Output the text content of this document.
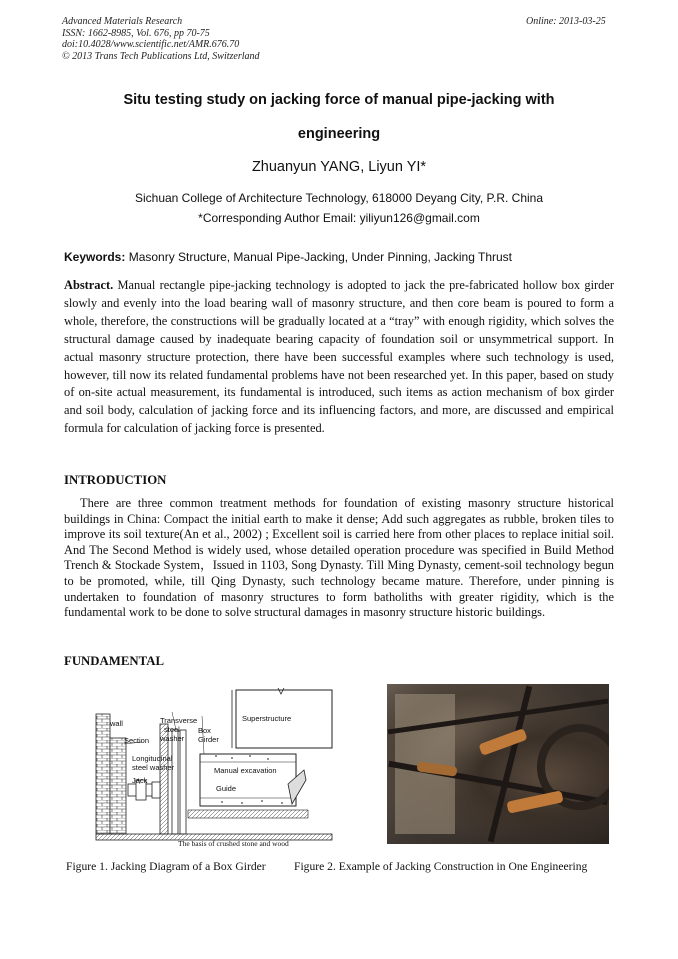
Advanced Materials Research
ISSN: 1662-8985, Vol. 676, pp 70-75
doi:10.4028/www.scientific.net/AMR.676.70
© 2013 Trans Tech Publications Ltd, Switzerland
Online: 2013-03-25
Situ testing study on jacking force of manual pipe-jacking with
engineering
Zhuanyun YANG, Liyun YI*
Sichuan College of Architecture Technology, 618000 Deyang City, P.R. China
*Corresponding Author Email: yiliyun126@gmail.com
Keywords: Masonry Structure, Manual Pipe-Jacking, Under Pinning, Jacking Thrust
Abstract. Manual rectangle pipe-jacking technology is adopted to jack the pre-fabricated hollow box girder slowly and evenly into the load bearing wall of masonry structure, and then core beam is poured to form a whole, therefore, the constructions will be gradually located at a “tray” with enough rigidity, which solves the structural damage caused by inadequate bearing capacity of foundation soil or unsymmetrical support. In actual masonry structure protection, there have been successful examples where such technology is used, however, till now its related fundamental problems have not been researched yet. In this paper, based on study of on-site actual measurement, its fundamental is introduced, such items as action mechanism of box girder and soil body, calculation of jacking force and its influencing factors, and more, are discussed and empirical formula for calculation of jacking force is presented.
INTRODUCTION
There are three common treatment methods for foundation of existing masonry structure historical buildings in China: Compact the initial earth to make it dense; Add such aggregates as rubble, broken tiles to improve its soil texture(An et al., 2002) ; Excellent soil is carried here from other places to replace initial soil. And The Second Method is widely used, whose detailed operation procedure was specified in Build Method Trench & Stockade System，Issued in 1103, Song Dynasty. Till Ming Dynasty, cement-soil technology begun to be promoted, while, till Qing Dynasty, such technology became mature. Therefore, under pinning is undertaken to foundation of masonry structures to form batholiths with greater rigidity, which is the fundamental work to be done to solve structural damages in masonry structure historic buildings.
FUNDAMENTAL
wall	Transverse
steel
washer
Box
Girder
Section
Superstructure
Longitudinal
steel washer	Manual excavation
Jack
Guide
The basis of crushed stone and wood
Figure 1. Jacking Diagram of a Box Girder Figure 2. Example of Jacking Construction in One Engineering
